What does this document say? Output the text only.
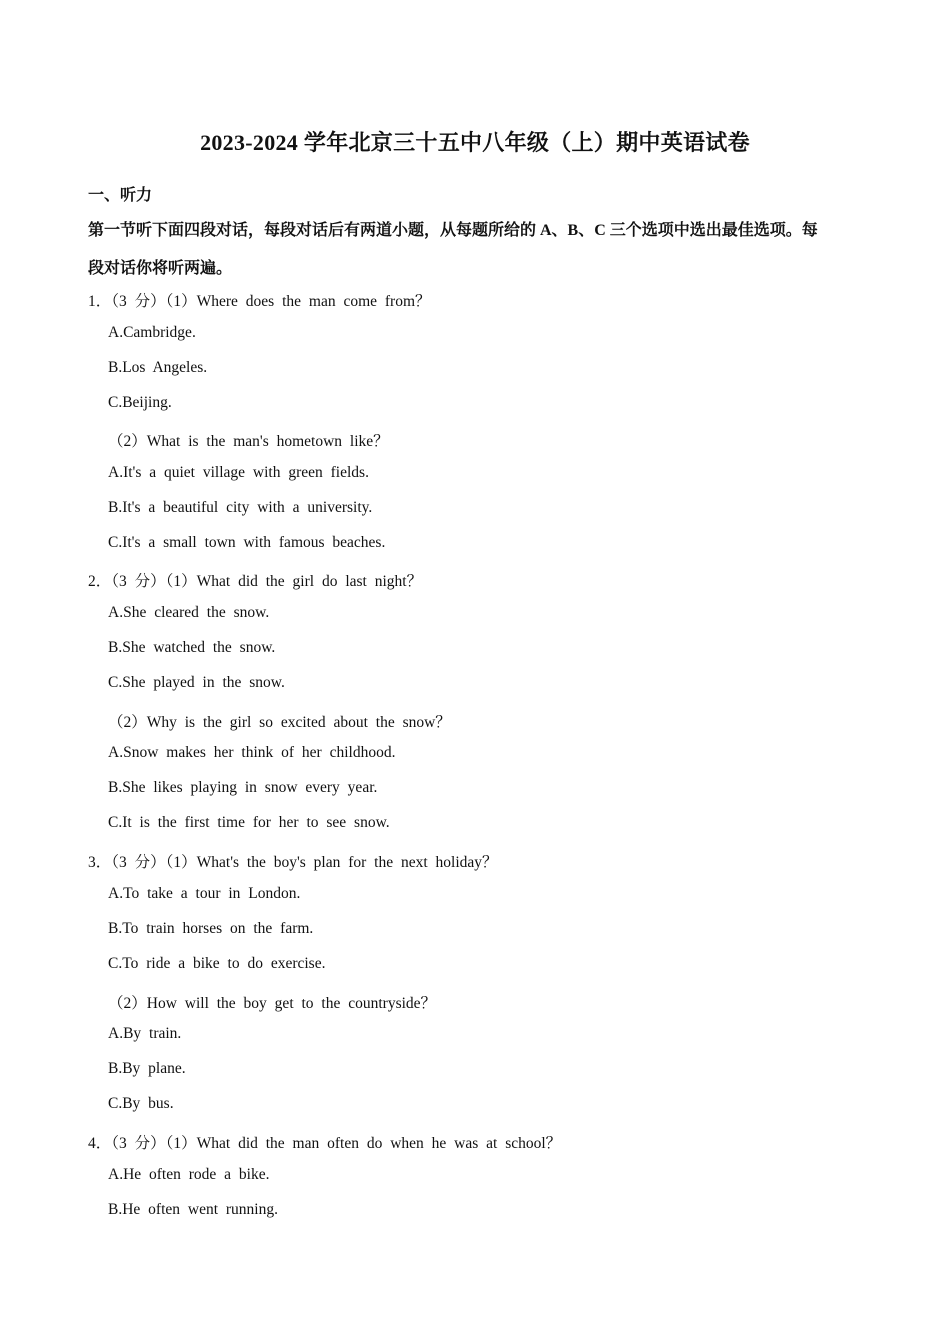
2023-2024 学年北京三十五中八年级（上）期中英语试卷
一、听力
第一节听下面四段对话，每段对话后有两道小题，从每题所给的 A、B、C 三个选项中选出最佳选项。每
段对话你将听两遍。
1．（3 分）（1）Where does the man come from？
A.Cambridge.
B.Los Angeles.
C.Beijing.
（2）What is the man's hometown like？
A.It's a quiet village with green fields.
B.It's a beautiful city with a university.
C.It's a small town with famous beaches.
2．（3 分）（1）What did the girl do last night？
A.She cleared the snow.
B.She watched the snow.
C.She played in the snow.
（2）Why is the girl so excited about the snow？
A.Snow makes her think of her childhood.
B.She likes playing in snow every year.
C.It is the first time for her to see snow.
3．（3 分）（1）What's the boy's plan for the next holiday？
A.To take a tour in London.
B.To train horses on the farm.
C.To ride a bike to do exercise.
（2）How will the boy get to the countryside？
A.By train.
B.By plane.
C.By bus.
4．（3 分）（1）What did the man often do when he was at school？
A.He often rode a bike.
B.He often went running.
